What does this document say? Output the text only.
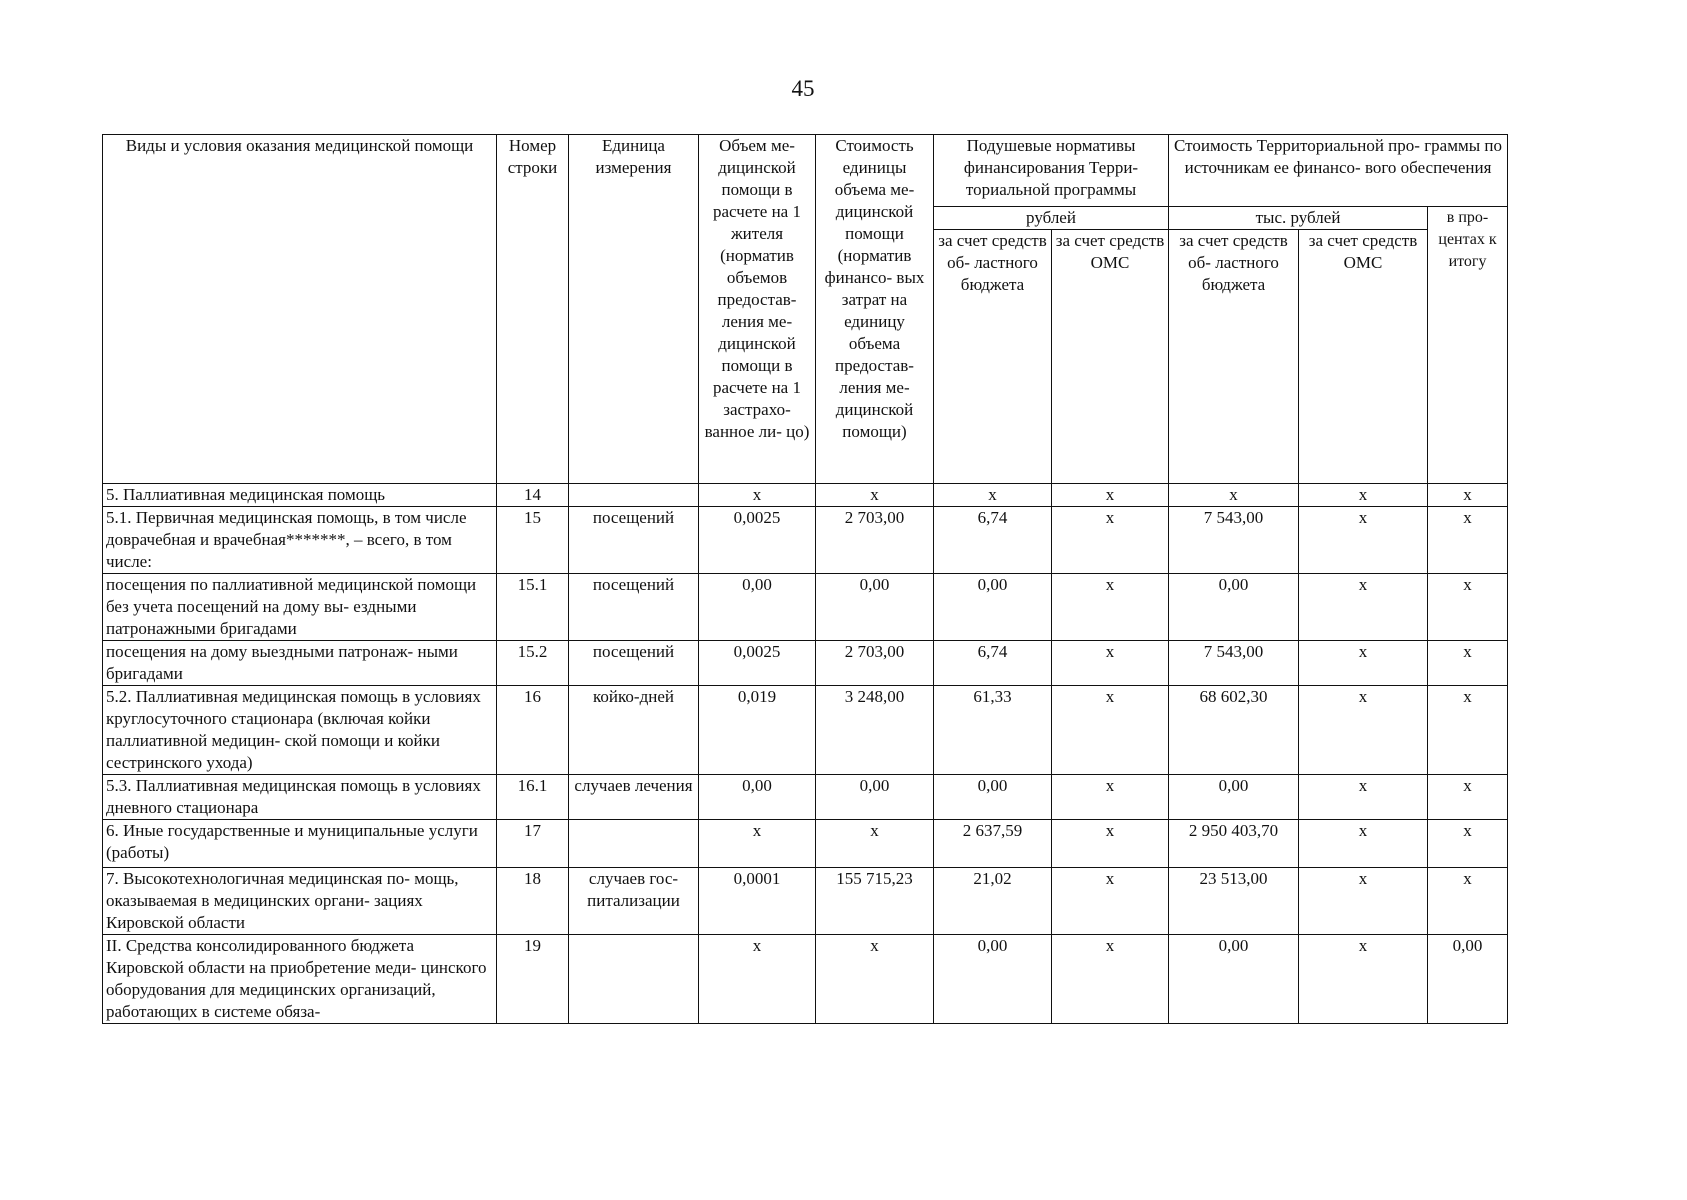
45
Виды и условия оказания медицинской помощи	Номер строки	Единица измерения	Объем ме- дицинской помощи в расчете на 1 жителя (норматив объемов предостав- ления ме- дицинской помощи в расчете на 1 застрахо- ванное ли- цо)	Стоимость единицы объема ме- дицинской помощи (норматив финансо- вых затрат на единицу объема предостав- ления ме- дицинской помощи)	Подушевые нормативы финансирования Терри- ториальной программы		Стоимость Территориальной про- граммы по источникам ее финансо- вого обеспечения		
					рублей		тыс. рублей		в про- центах к итогу
					за счет средств об- ластного бюджета	за счет средств ОМС	за счет средств об- ластного бюджета	за счет средств ОМС	
5. Паллиативная медицинская помощь	14		x	x	x	x	x	x	x
5.1. Первичная медицинская помощь, в том числе доврачебная и врачебная*******, – всего, в том числе:	15	посещений	0,0025	2 703,00	6,74	x	7 543,00	x	x
посещения по паллиативной медицинской помощи без учета посещений на дому вы- ездными патронажными бригадами	15.1	посещений	0,00	0,00	0,00	x	0,00	x	x
посещения на дому выездными патронаж- ными бригадами	15.2	посещений	0,0025	2 703,00	6,74	x	7 543,00	x	x
5.2. Паллиативная медицинская помощь в условиях круглосуточного стационара (включая койки паллиативной медицин- ской помощи и койки сестринского ухода)	16	койко-дней	0,019	3 248,00	61,33	x	68 602,30	x	x
5.3. Паллиативная медицинская помощь в условиях дневного стационара	16.1	случаев лечения	0,00	0,00	0,00	x	0,00	x	x
6. Иные государственные и муниципальные услуги (работы)	17		x	x	2 637,59	x	2 950 403,70	x	x
7. Высокотехнологичная медицинская по- мощь, оказываемая в медицинских органи- зациях Кировской области	18	случаев гос- питализации	0,0001	155 715,23	21,02	x	23 513,00	x	x
II. Средства консолидированного бюджета Кировской области на приобретение меди- цинского оборудования для медицинских организаций, работающих в системе обяза-	19		x	x	0,00	x	0,00	x	0,00
